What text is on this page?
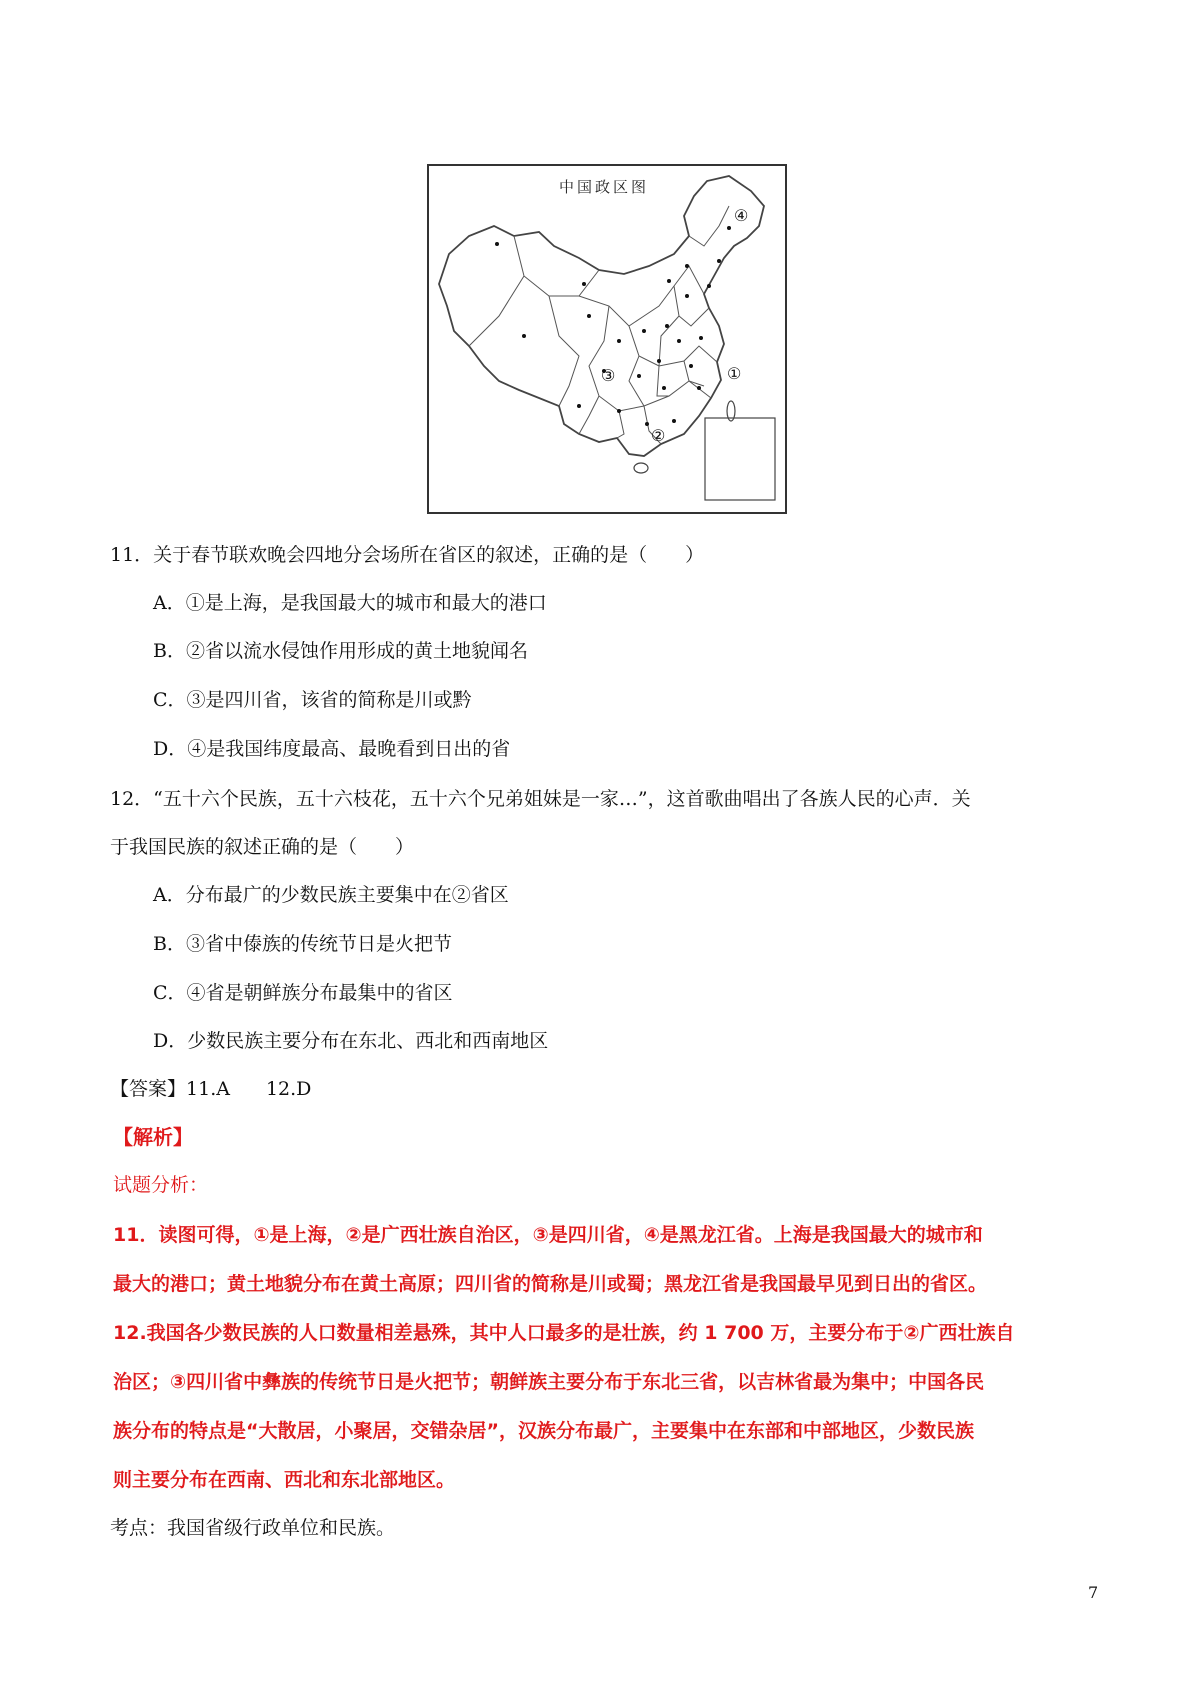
中国政区图
④
①
③
②
11．关于春节联欢晚会四地分会场所在省区的叙述，正确的是（　　）
A．①是上海，是我国最大的城市和最大的港口
B．②省以流水侵蚀作用形成的黄土地貌闻名
C．③是四川省，该省的简称是川或黔
D．④是我国纬度最高、最晚看到日出的省
12．“五十六个民族，五十六枝花，五十六个兄弟姐妹是一家…”，这首歌曲唱出了各族人民的心声．关
于我国民族的叙述正确的是（　　）
A．分布最广的少数民族主要集中在②省区
B．③省中傣族的传统节日是火把节
C．④省是朝鲜族分布最集中的省区
D．少数民族主要分布在东北、西北和西南地区
【答案】11.A 12.D
【解析】
试题分析：
11．读图可得，①是上海，②是广西壮族自治区，③是四川省，④是黑龙江省。上海是我国最大的城市和
最大的港口；黄土地貌分布在黄土高原；四川省的简称是川或蜀；黑龙江省是我国最早见到日出的省区。
12.我国各少数民族的人口数量相差悬殊，其中人口最多的是壮族，约 1 700 万，主要分布于②广西壮族自
治区；③四川省中彝族的传统节日是火把节；朝鲜族主要分布于东北三省，以吉林省最为集中；中国各民
族分布的特点是“大散居，小聚居，交错杂居”，汉族分布最广，主要集中在东部和中部地区，少数民族
则主要分布在西南、西北和东北部地区。
考点：我国省级行政单位和民族。
7
